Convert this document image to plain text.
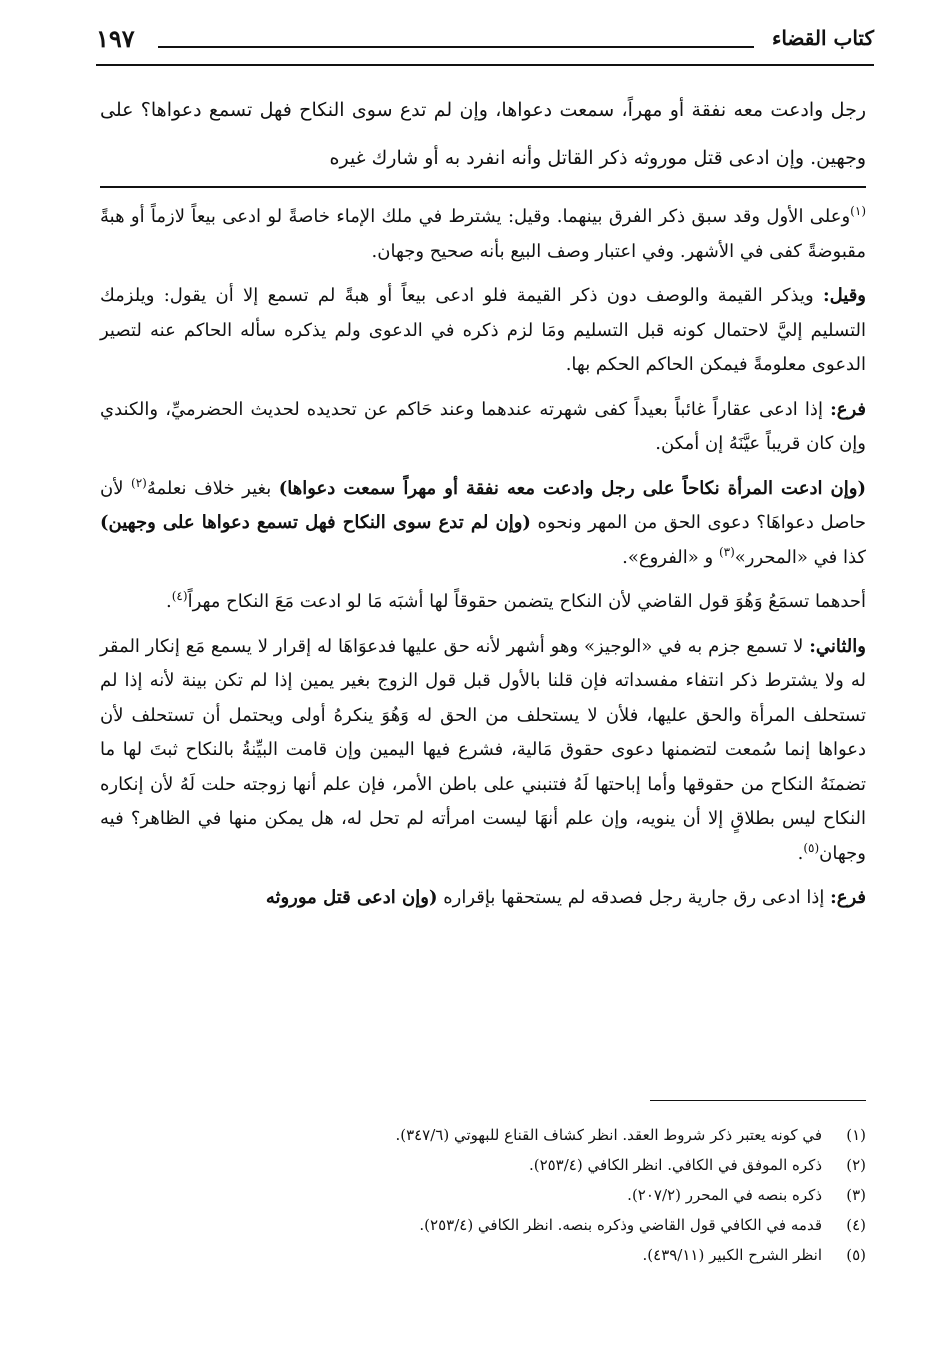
كتاب القضاء
١٩٧
رجل وادعت معه نفقة أو مهراً، سمعت دعواها، وإن لم تدع سوى النكاح فهل تسمع دعواها؟ على وجهين. وإن ادعى قتل موروثه ذكر القاتل وأنه انفرد به أو شارك غيره

$^{(١)}$وعلى الأول وقد سبق ذكر الفرق بينهما. وقيل: يشترط في ملك الإماء خاصةً لو ادعى بيعاً لازماً أو هبةً مقبوضةً كفى في الأشهر. وفي اعتبار وصف البيع بأنه صحيح وجهان.

وقيل: ويذكر القيمة والوصف دون ذكر القيمة فلو ادعى بيعاً أو هبةً لم تسمع إلا أن يقول: ويلزمك التسليم إليَّ لاحتمال كونه قبل التسليم ومَا لزم ذكره في الدعوى ولم يذكره سأله الحاكم عنه لتصير الدعوى معلومةً فيمكن الحاكم الحكم بها.

فرع: إذا ادعى عقاراً غائباً بعيداً كفى شهرته عندهما وعند حَاكم عن تحديده لحديث الحضرميِّ، والكندي وإن كان قريباً عيَّنَهُ إن أمكن.

(وإن ادعت المرأة نكاحاً على رجل وادعت معه نفقة أو مهراً سمعت دعواها) بغير خلاف نعلمهُ$^{(٢)}$ لأن حاصل دعواهَا؟ دعوى الحق من المهر ونحوه (وإن لم تدع سوى النكاح فهل تسمع دعواها على وجهين) كذا في «المحرر»$^{(٣)}$ و «الفروع».

أحدهما تسمَعُ وَهُوَ قول القاضي لأن النكاح يتضمن حقوقاً لها أشبَه مَا لو ادعت مَعَ النكاح مهراً$^{(٤)}$.

والثاني: لا تسمع جزم به في «الوجيز» وهو أشهر لأنه حق عليها فدعوَاهَا له إقرار لا يسمع مَع إنكار المقر له ولا يشترط ذكر انتفاء مفسداته فإن قلنا بالأول قبل قول الزوج بغير يمين إذا لم تكن بينة لأنه إذا لم تستحلف المرأة والحق عليها، فلأن لا يستحلف من الحق له وَهُوَ ينكرهُ أولى ويحتمل أن تستحلف لأن دعواها إنما سُمعت لتضمنها دعوى حقوق مَالية، فشرع فيها اليمين وإن قامت البيِّنةُ بالنكاح ثبتَ لها ما تضمنَهُ النكاح من حقوقها وأما إباحتها لَهُ فتنبني على باطن الأمر، فإن علم أنها زوجته حلت لَهُ لأن إنكاره النكاح ليس بطلاقٍ إلا أن ينويه، وإن علم أنهَا ليست امرأته لم تحل له، هل يمكن منها في الظاهر؟ فيه وجهان$^{(٥)}$.

فرع: إذا ادعى رق جارية رجل فصدقه لم يستحقها بإقراره (وإن ادعى قتل موروثه

(١)
في كونه يعتبر ذكر شروط العقد. انظر كشاف القناع للبهوتي (٣٤٧/٦).
(٢)
ذكره الموفق في الكافي. انظر الكافي (٢٥٣/٤).
(٣)
ذكره بنصه في المحرر (٢٠٧/٢).
(٤)
قدمه في الكافي قول القاضي وذكره بنصه. انظر الكافي (٢٥٣/٤).
(٥)
انظر الشرح الكبير (٤٣٩/١١).
